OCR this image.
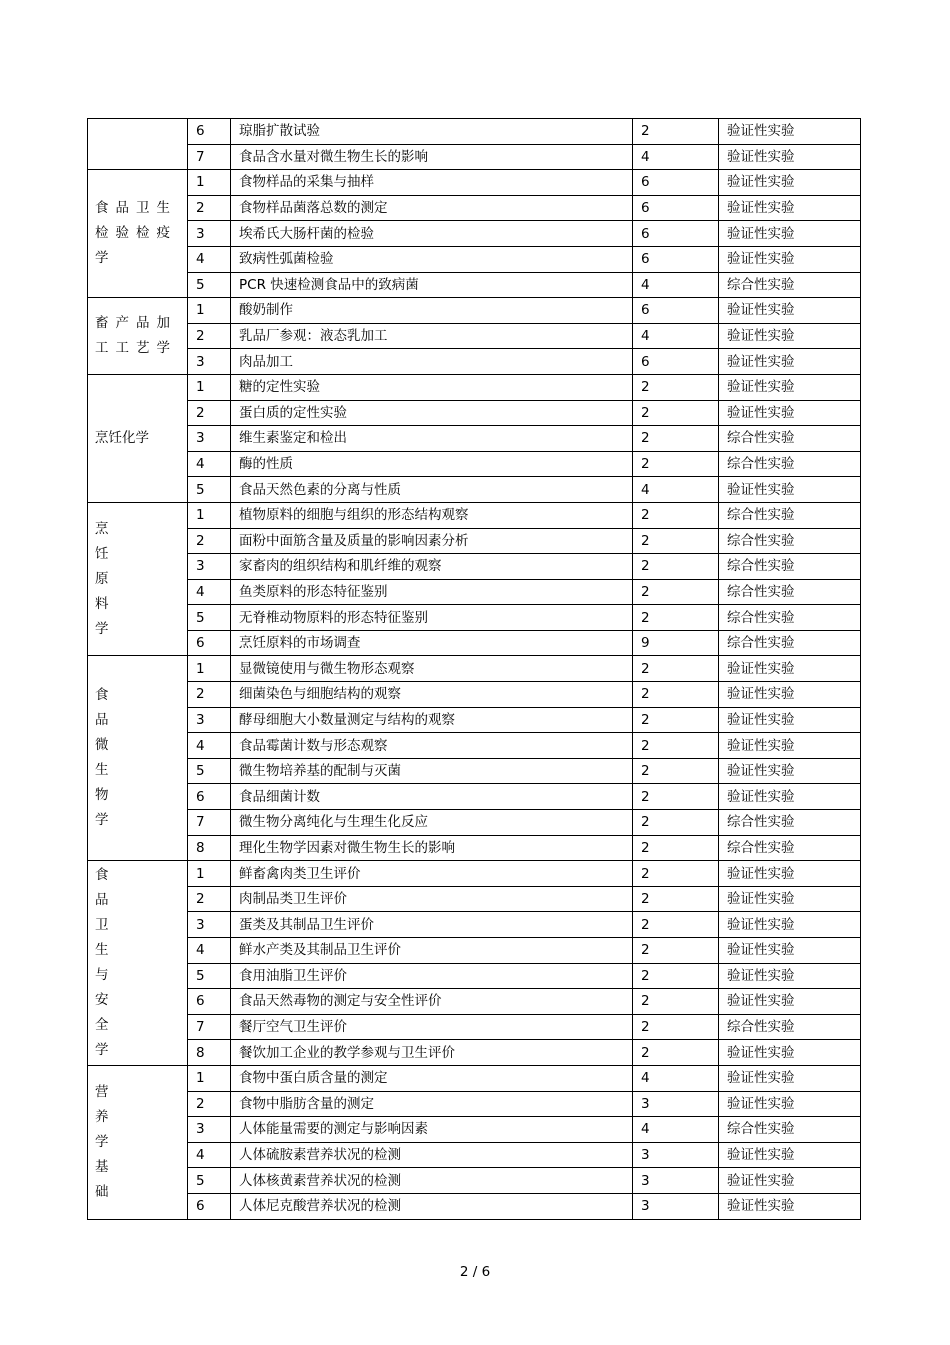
	6	琼脂扩散试验	2	验证性实验
	7	食品含水量对微生物生长的影响	4	验证性实验
食品卫生检验检疫学	1	食物样品的采集与抽样	6	验证性实验
	2	食物样品菌落总数的测定	6	验证性实验
	3	埃希氏大肠杆菌的检验	6	验证性实验
	4	致病性弧菌检验	6	验证性实验
	5	PCR 快速检测食品中的致病菌	4	综合性实验
畜产品加工工艺学	1	酸奶制作	6	验证性实验
	2	乳品厂参观：液态乳加工	4	验证性实验
	3	肉品加工	6	验证性实验
烹饪化学	1	糖的定性实验	2	验证性实验
	2	蛋白质的定性实验	2	验证性实验
	3	维生素鉴定和检出	2	综合性实验
	4	酶的性质	2	综合性实验
	5	食品天然色素的分离与性质	4	验证性实验

烹饪原料学	1	植物原料的细胞与组织的形态结构观察	2	综合性实验
	2	面粉中面筋含量及质量的影响因素分析	2	综合性实验
	3	家畜肉的组织结构和肌纤维的观察	2	综合性实验
	4	鱼类原料的形态特征鉴别	2	综合性实验
	5	无脊椎动物原料的形态特征鉴别	2	综合性实验
	6	烹饪原料的市场调查	9	综合性实验

食品微生物学	1	显微镜使用与微生物形态观察	2	验证性实验
	2	细菌染色与细胞结构的观察	2	验证性实验
	3	酵母细胞大小数量测定与结构的观察	2	验证性实验
	4	食品霉菌计数与形态观察	2	验证性实验
	5	微生物培养基的配制与灭菌	2	验证性实验
	6	食品细菌计数	2	验证性实验
	7	微生物分离纯化与生理生化反应	2	综合性实验
	8	理化生物学因素对微生物生长的影响	2	综合性实验

食品卫生与安全学	1	鲜畜禽肉类卫生评价	2	验证性实验
	2	肉制品类卫生评价	2	验证性实验
	3	蛋类及其制品卫生评价	2	验证性实验
	4	鲜水产类及其制品卫生评价	2	验证性实验
	5	食用油脂卫生评价	2	验证性实验
	6	食品天然毒物的测定与安全性评价	2	验证性实验
	7	餐厅空气卫生评价	2	综合性实验
	8	餐饮加工企业的教学参观与卫生评价	2	验证性实验

营养学基础	1	食物中蛋白质含量的测定	4	验证性实验
	2	食物中脂肪含量的测定	3	验证性实验
	3	人体能量需要的测定与影响因素	4	综合性实验
	4	人体硫胺素营养状况的检测	3	验证性实验
	5	人体核黄素营养状况的检测	3	验证性实验
	6	人体尼克酸营养状况的检测	3	验证性实验
2 / 6
